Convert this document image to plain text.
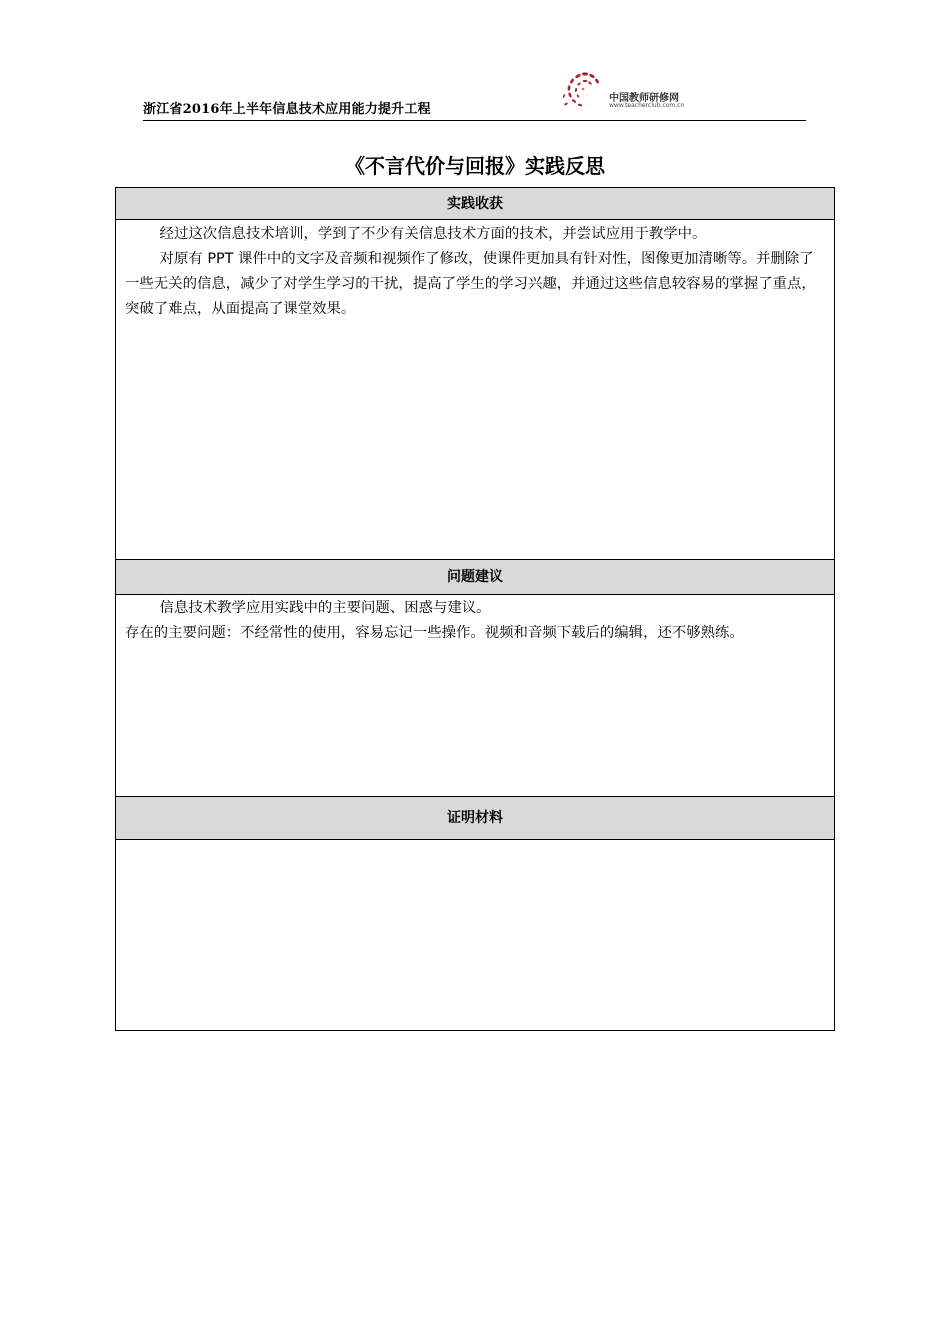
浙江省2016年上半年信息技术应用能力提升工程
中国教师研修网
www.teacherclub.com.cn
《不言代价与回报》实践反思
实践收获

经过这次信息技术培训，学到了不少有关信息技术方面的技术，并尝试应用于教学中。

对原有 PPT 课件中的文字及音频和视频作了修改，使课件更加具有针对性，图像更加清晰等。并删除了一些无关的信息，减少了对学生学习的干扰，提高了学生的学习兴趣，并通过这些信息较容易的掌握了重点，突破了难点，从面提高了课堂效果。

问题建议

信息技术教学应用实践中的主要问题、困惑与建议。

存在的主要问题：不经常性的使用，容易忘记一些操作。视频和音频下载后的编辑，还不够熟练。

证明材料
